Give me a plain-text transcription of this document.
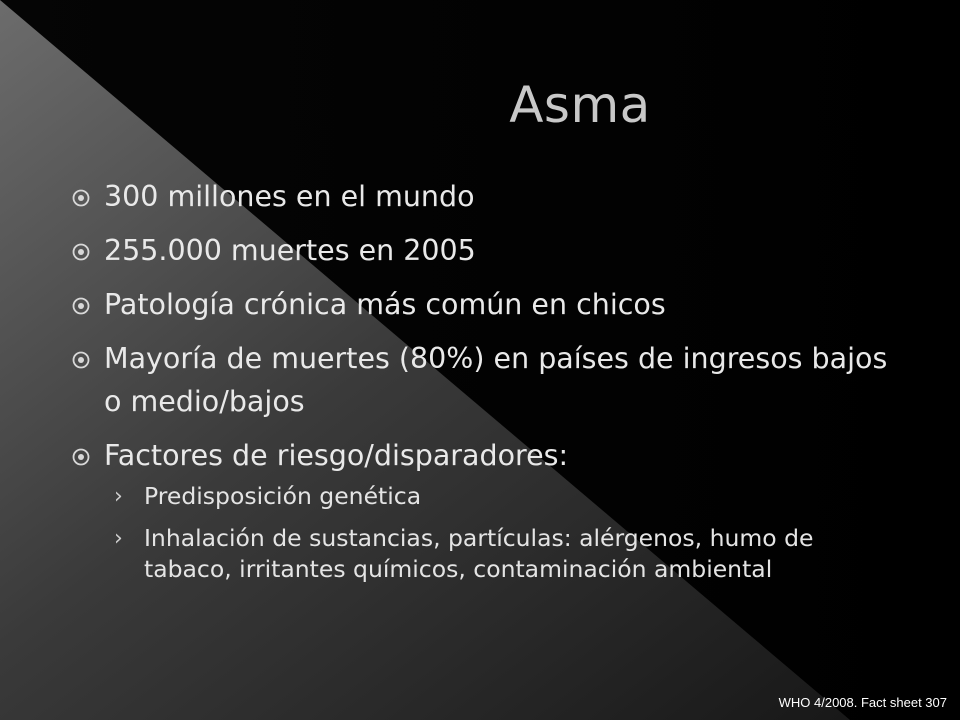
Asma
300 millones en el mundo
255.000 muertes en 2005
Patología crónica más común en chicos
Mayoría de muertes (80%) en países de ingresos bajos o medio/bajos
Factores de riesgo/disparadores:
› Predisposición genética
› Inhalación de sustancias, partículas: alérgenos, humo de tabaco, irritantes químicos, contaminación ambiental
WHO 4/2008. Fact sheet 307
